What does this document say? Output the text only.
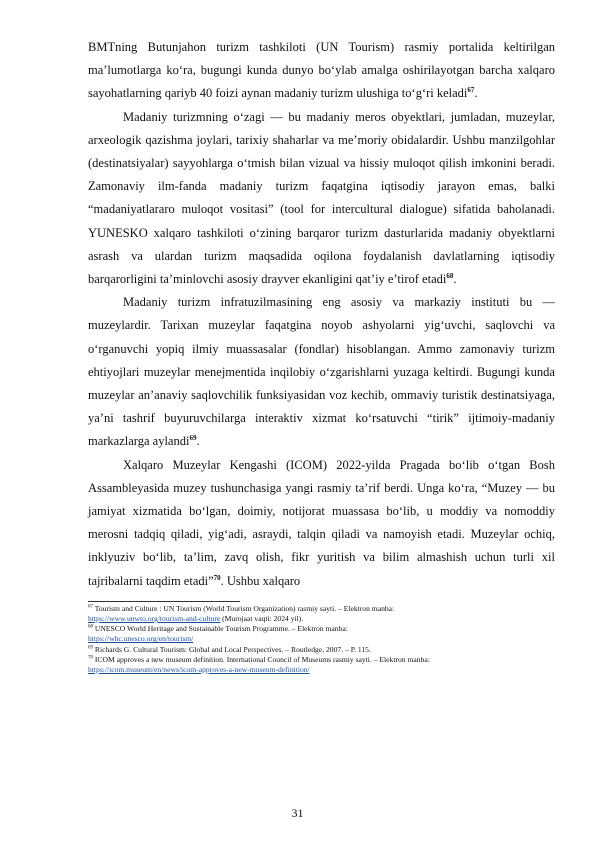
BMTning Butunjahon turizm tashkiloti (UN Tourism) rasmiy portalida keltirilgan ma’lumotlarga ko‘ra, bugungi kunda dunyo bo‘ylab amalga oshirilayotgan barcha xalqaro sayohatlarning qariyb 40 foizi aynan madaniy turizm ulushiga to‘g‘ri keladi$^{67}$.

Madaniy turizmning o‘zagi — bu madaniy meros obyektlari, jumladan, muzeylar, arxeologik qazishma joylari, tarixiy shaharlar va me’moriy obidalardir. Ushbu manzilgohlar (destinatsiyalar) sayyohlarga o‘tmish bilan vizual va hissiy muloqot qilish imkonini beradi. Zamonaviy ilm-fanda madaniy turizm faqatgina iqtisodiy jarayon emas, balki “madaniyatlararo muloqot vositasi” (tool for intercultural dialogue) sifatida baholanadi. YUNESKO xalqaro tashkiloti o‘zining barqaror turizm dasturlarida madaniy obyektlarni asrash va ulardan turizm maqsadida oqilona foydalanish davlatlarning iqtisodiy barqarorligini ta’minlovchi asosiy drayver ekanligini qat’iy e’tirof etadi$^{68}$.

Madaniy turizm infratuzilmasining eng asosiy va markaziy instituti bu — muzeylardir. Tarixan muzeylar faqatgina noyob ashyolarni yig‘uvchi, saqlovchi va o‘rganuvchi yopiq ilmiy muassasalar (fondlar) hisoblangan. Ammo zamonaviy turizm ehtiyojlari muzeylar menejmentida inqilobiy o‘zgarishlarni yuzaga keltirdi. Bugungi kunda muzeylar an’anaviy saqlovchilik funksiyasidan voz kechib, ommaviy turistik destinatsiyaga, ya’ni tashrif buyuruvchilarga interaktiv xizmat ko‘rsatuvchi “tirik” ijtimoiy-madaniy markazlarga aylandi$^{69}$.

Xalqaro Muzeylar Kengashi (ICOM) 2022-yilda Pragada bo‘lib o‘tgan Bosh Assambleyasida muzey tushunchasiga yangi rasmiy ta’rif berdi. Unga ko‘ra, “Muzey — bu jamiyat xizmatida bo‘lgan, doimiy, notijorat muassasa bo‘lib, u moddiy va nomoddiy merosni tadqiq qiladi, yig‘adi, asraydi, talqin qiladi va namoyish etadi. Muzeylar ochiq, inklyuziv bo‘lib, ta’lim, zavq olish, fikr yuritish va bilim almashish uchun turli xil tajribalarni taqdim etadi”$^{70}$. Ushbu xalqaro

$^{67}$ Tourism and Culture : UN Tourism (World Tourism Organization) rasmiy sayti. – Elektron manba:
https://www.unwto.org/tourism-and-culture (Murojaat vaqti: 2024 yil).

$^{68}$ UNESCO World Heritage and Sustainable Tourism Programme. – Elektron manba:
https://whc.unesco.org/en/tourism/

$^{69}$ Richards G. Cultural Tourism: Global and Local Perspectives. – Routledge, 2007. – P. 115.

$^{70}$ ICOM approves a new museum definition. International Council of Museums rasmiy sayti. – Elektron manba:
https://icom.museum/en/news/icom-approves-a-new-museum-definition/

31
